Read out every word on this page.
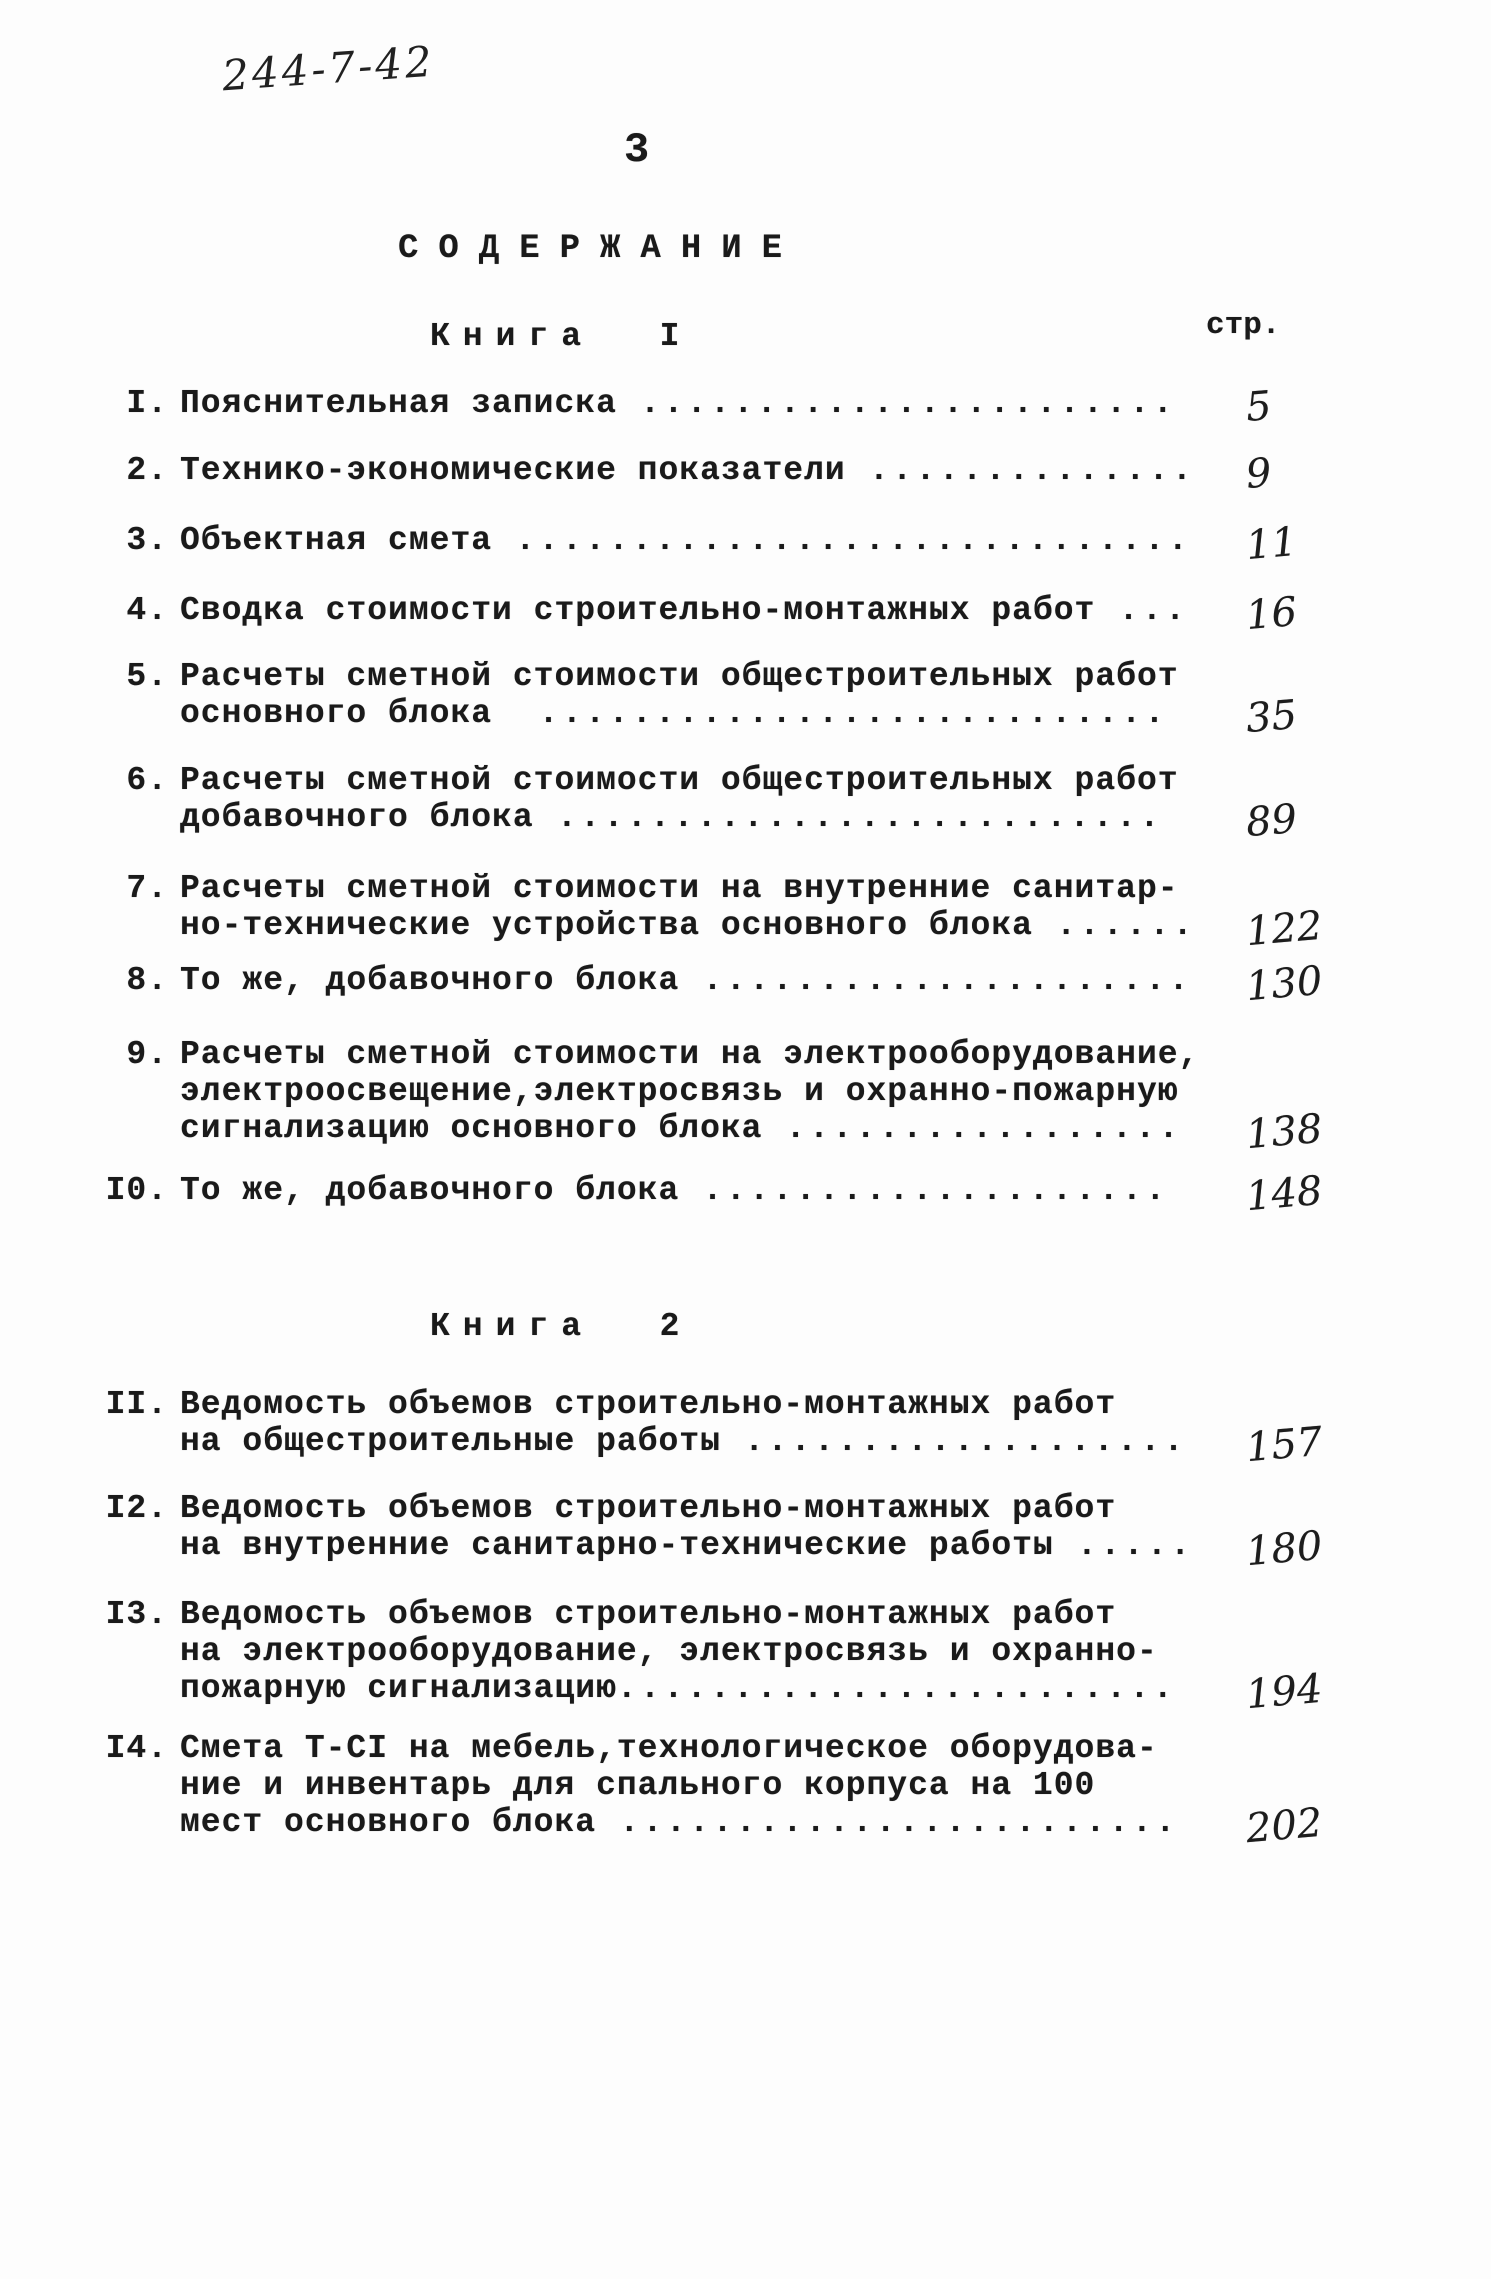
244-7-42
3
СОДЕРЖАНИЕ
стр.
Книга  I
Книга  2
I. Пояснительная записка .......................	5
2. Технико-экономические показатели ..............	9
3. Объектная смета .............................	11
4. Сводка стоимости строительно-монтажных работ ...	16
5. Расчеты сметной стоимости общестроительных работ
основного блока  ...........................	35
6. Расчеты сметной стоимости общестроительных работ
добавочного блока ..........................	89
7. Расчеты сметной стоимости на внутренние санитар-
но-технические устройства основного блока ......	122
8. То же, добавочного блока .....................	130
9. Расчеты сметной стоимости на электрооборудование,
электроосвещение,электросвязь и охранно-пожарную
сигнализацию основного блока .................	138
I0. То же, добавочного блока ....................	148
II. Ведомость объемов строительно-монтажных работ
на общестроительные работы ...................	157
I2. Ведомость объемов строительно-монтажных работ
на внутренние санитарно-технические работы .....	180
I3. Ведомость объемов строительно-монтажных работ
на электрооборудование, электросвязь и охранно-
пожарную сигнализацию........................	194
I4. Смета Т-СI на мебель,технологическое оборудова-
ние и инвентарь для спального корпуса на 100
мест основного блока ........................	202
